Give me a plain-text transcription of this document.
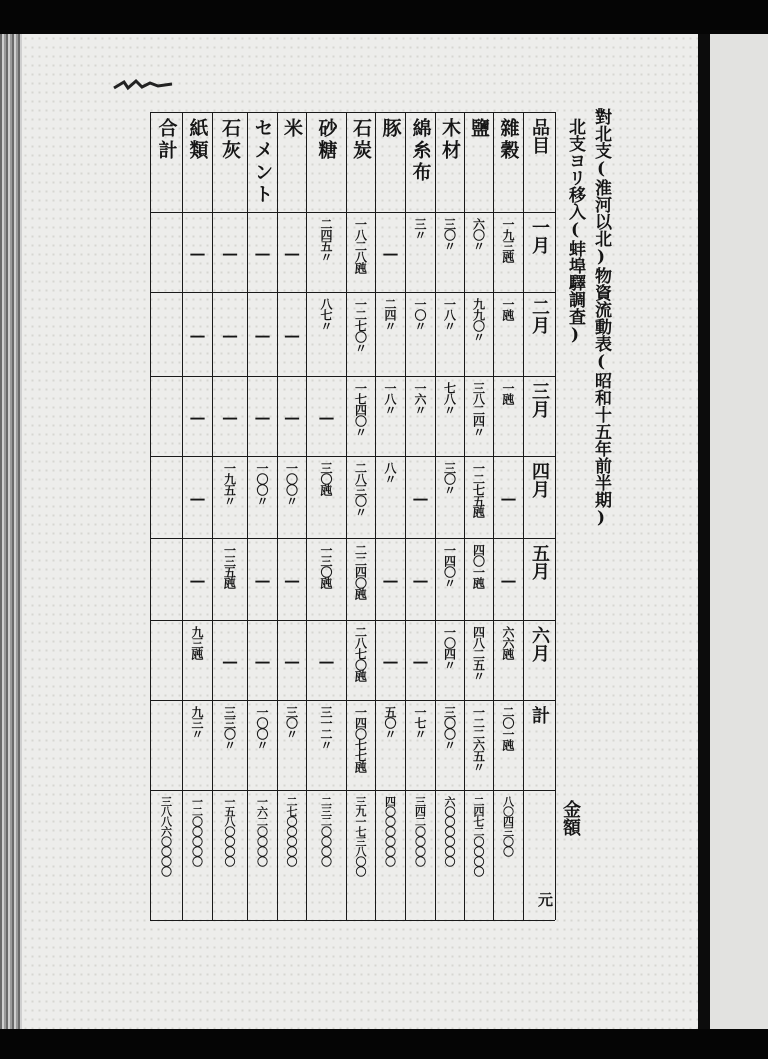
品目
一月
二月
三月
四月
五月
六月
計
金額
元
雜穀
一九三瓲
一瓲
一瓲
—
—
六六瓲
二〇一瓲
八〇四三〇〇
鹽
六〇〃
九九〇〃
三八二四〃
一二七五瓲
四〇一瓲
四八二五〃
一二二六五〃
二四七二〇〇〇〇
木材
三〇〃
一八〃
七八〃
三〇〃
一四〇〃
一〇四〃
三〇〇〃
六〇〇〇〇〇〇
綿糸布
三〃
一〇〃
一六〃
—
—
—
一七〃
三四二〇〇〇〇
豚
—
二四〃
一八〃
八〃
—
—
五〇〃
四〇〇〇〇〇〇
石炭
一八二八瓲
一二七〇〃
一七四〇〃
二八三〇〃
二二四〇瓲
二八七〇瓲
一四〇七七瓲
三九一七三八〇〇
砂糖
二四五〃
八七〃
—
三〇瓲
一三〇瓲
—
三一二〃
二三二〇〇〇〇
米
—
—
—
一〇〇〃
—
—
三〇〃
二七〇〇〇〇〇
セメント
—
—
—
一〇〇〃
—
—
一〇〇〃
一六二〇〇〇〇
石灰
—
—
—
一九五〃
一三五瓲
—
三三〇〃
一五八〇〇〇〇
紙類
—
—
—
—
—
九三瓲
九三〃
一二〇〇〇〇〇
合計
三八八六〇〇〇〇
對北支(淮河以北)物資流動表(昭和十五年前半期)
北支ヨリ移入(蚌埠驛調査)
